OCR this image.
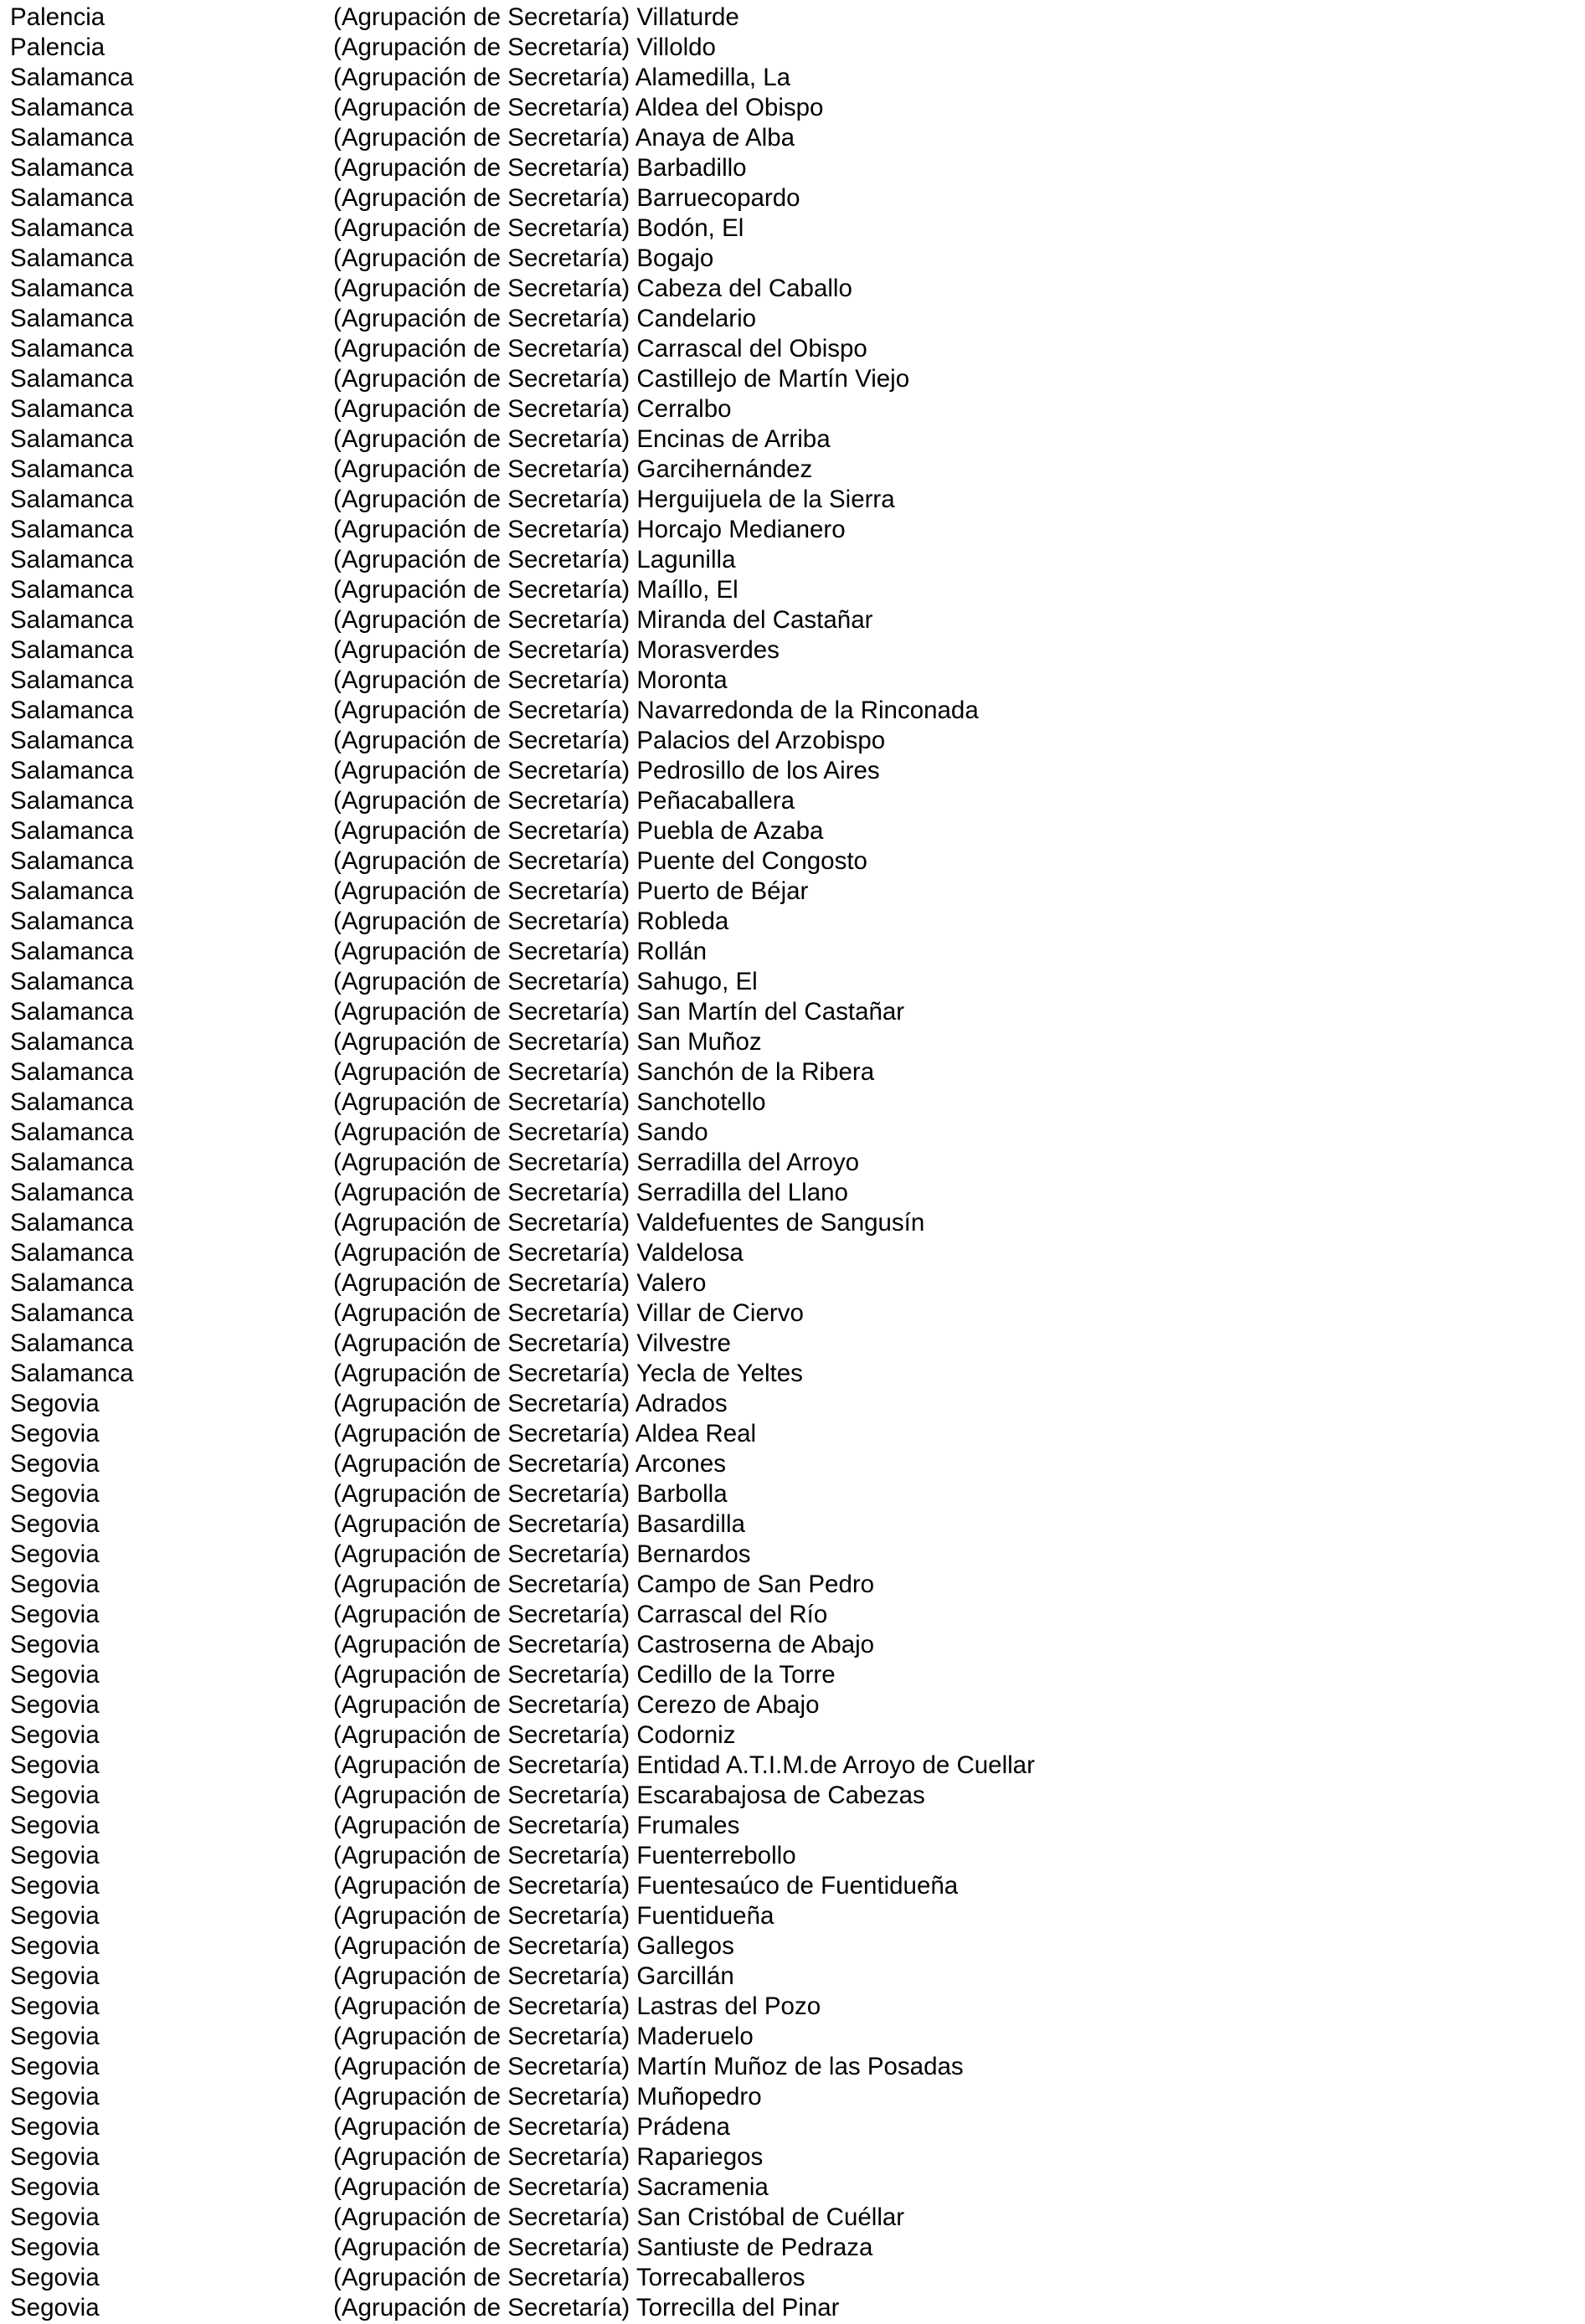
Palencia	(Agrupación de Secretaría) Villaturde
Palencia	(Agrupación de Secretaría) Villoldo
Salamanca	(Agrupación de Secretaría) Alamedilla, La
Salamanca	(Agrupación de Secretaría) Aldea del Obispo
Salamanca	(Agrupación de Secretaría) Anaya de Alba
Salamanca	(Agrupación de Secretaría) Barbadillo
Salamanca	(Agrupación de Secretaría) Barruecopardo
Salamanca	(Agrupación de Secretaría) Bodón, El
Salamanca	(Agrupación de Secretaría) Bogajo
Salamanca	(Agrupación de Secretaría) Cabeza del Caballo
Salamanca	(Agrupación de Secretaría) Candelario
Salamanca	(Agrupación de Secretaría) Carrascal del Obispo
Salamanca	(Agrupación de Secretaría) Castillejo de Martín Viejo
Salamanca	(Agrupación de Secretaría) Cerralbo
Salamanca	(Agrupación de Secretaría) Encinas de Arriba
Salamanca	(Agrupación de Secretaría) Garcihernández
Salamanca	(Agrupación de Secretaría) Herguijuela de la Sierra
Salamanca	(Agrupación de Secretaría) Horcajo Medianero
Salamanca	(Agrupación de Secretaría) Lagunilla
Salamanca	(Agrupación de Secretaría) Maíllo, El
Salamanca	(Agrupación de Secretaría) Miranda del Castañar
Salamanca	(Agrupación de Secretaría) Morasverdes
Salamanca	(Agrupación de Secretaría) Moronta
Salamanca	(Agrupación de Secretaría) Navarredonda de la Rinconada
Salamanca	(Agrupación de Secretaría) Palacios del Arzobispo
Salamanca	(Agrupación de Secretaría) Pedrosillo de los Aires
Salamanca	(Agrupación de Secretaría) Peñacaballera
Salamanca	(Agrupación de Secretaría) Puebla de Azaba
Salamanca	(Agrupación de Secretaría) Puente del Congosto
Salamanca	(Agrupación de Secretaría) Puerto de Béjar
Salamanca	(Agrupación de Secretaría) Robleda
Salamanca	(Agrupación de Secretaría) Rollán
Salamanca	(Agrupación de Secretaría) Sahugo, El
Salamanca	(Agrupación de Secretaría) San Martín del Castañar
Salamanca	(Agrupación de Secretaría) San Muñoz
Salamanca	(Agrupación de Secretaría) Sanchón de la Ribera
Salamanca	(Agrupación de Secretaría) Sanchotello
Salamanca	(Agrupación de Secretaría) Sando
Salamanca	(Agrupación de Secretaría) Serradilla del Arroyo
Salamanca	(Agrupación de Secretaría) Serradilla del Llano
Salamanca	(Agrupación de Secretaría) Valdefuentes de Sangusín
Salamanca	(Agrupación de Secretaría) Valdelosa
Salamanca	(Agrupación de Secretaría) Valero
Salamanca	(Agrupación de Secretaría) Villar de Ciervo
Salamanca	(Agrupación de Secretaría) Vilvestre
Salamanca	(Agrupación de Secretaría) Yecla de Yeltes
Segovia	(Agrupación de Secretaría) Adrados
Segovia	(Agrupación de Secretaría) Aldea Real
Segovia	(Agrupación de Secretaría) Arcones
Segovia	(Agrupación de Secretaría) Barbolla
Segovia	(Agrupación de Secretaría) Basardilla
Segovia	(Agrupación de Secretaría) Bernardos
Segovia	(Agrupación de Secretaría) Campo de San Pedro
Segovia	(Agrupación de Secretaría) Carrascal del Río
Segovia	(Agrupación de Secretaría) Castroserna de Abajo
Segovia	(Agrupación de Secretaría) Cedillo de la Torre
Segovia	(Agrupación de Secretaría) Cerezo de Abajo
Segovia	(Agrupación de Secretaría) Codorniz
Segovia	(Agrupación de Secretaría) Entidad A.T.I.M.de Arroyo de Cuellar
Segovia	(Agrupación de Secretaría) Escarabajosa de Cabezas
Segovia	(Agrupación de Secretaría) Frumales
Segovia	(Agrupación de Secretaría) Fuenterrebollo
Segovia	(Agrupación de Secretaría) Fuentesaúco de Fuentidueña
Segovia	(Agrupación de Secretaría) Fuentidueña
Segovia	(Agrupación de Secretaría) Gallegos
Segovia	(Agrupación de Secretaría) Garcillán
Segovia	(Agrupación de Secretaría) Lastras del Pozo
Segovia	(Agrupación de Secretaría) Maderuelo
Segovia	(Agrupación de Secretaría) Martín Muñoz de las Posadas
Segovia	(Agrupación de Secretaría) Muñopedro
Segovia	(Agrupación de Secretaría) Prádena
Segovia	(Agrupación de Secretaría) Rapariegos
Segovia	(Agrupación de Secretaría) Sacramenia
Segovia	(Agrupación de Secretaría) San Cristóbal de Cuéllar
Segovia	(Agrupación de Secretaría) Santiuste de Pedraza
Segovia	(Agrupación de Secretaría) Torrecaballeros
Segovia	(Agrupación de Secretaría) Torrecilla del Pinar
